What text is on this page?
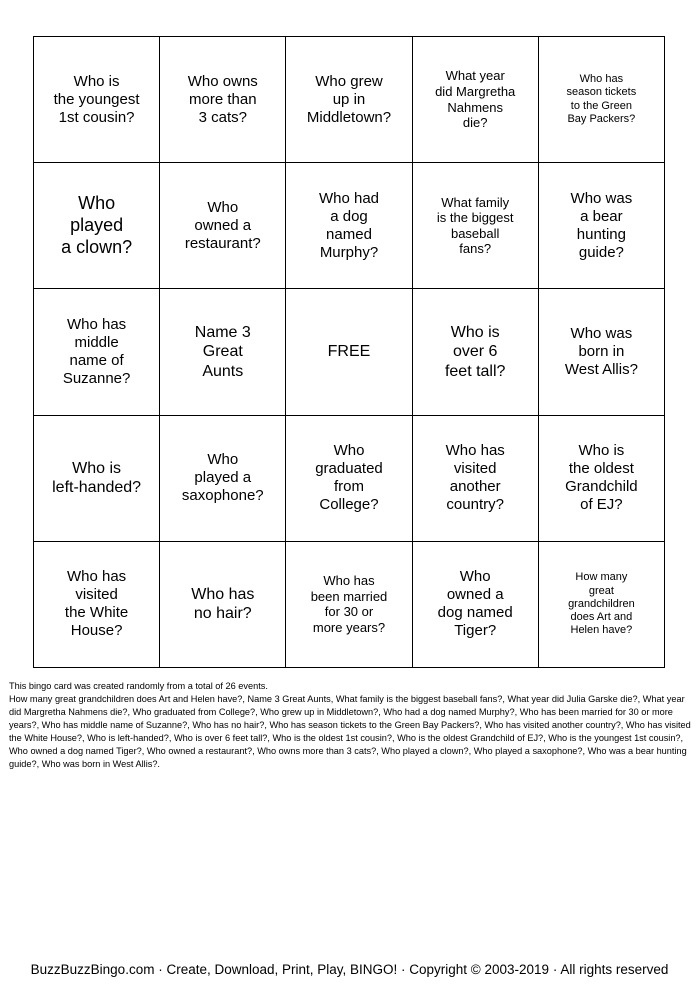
Who is
the youngest
1st cousin?
Who owns
more than
3 cats?
Who grew
up in
Middletown?
What year
did Margretha
Nahmens
die?
Who has
season tickets
to the Green
Bay Packers?
Who
played
a clown?
Who
owned a
restaurant?
Who had
a dog
named
Murphy?
What family
is the biggest
baseball
fans?
Who was
a bear
hunting
guide?
Who has
middle
name of
Suzanne?
Name 3
Great
Aunts
FREE
Who is
over 6
feet tall?
Who was
born in
West Allis?
Who is
left-handed?
Who
played a
saxophone?
Who
graduated
from
College?
Who has
visited
another
country?
Who is
the oldest
Grandchild
of EJ?
Who has
visited
the White
House?
Who has
no hair?
Who has
been married
for 30 or
more years?
Who
owned a
dog named
Tiger?
How many
great
grandchildren
does Art and
Helen have?

This bingo card was created randomly from a total of 26 events.

How many great grandchildren does Art and Helen have?, Name 3 Great Aunts, What family is the biggest baseball fans?, What year did Julia Garske die?, What year did Margretha Nahmens die?, Who graduated from College?, Who grew up in Middletown?, Who had a dog named Murphy?, Who has been married for 30 or more years?, Who has middle name of Suzanne?, Who has no hair?, Who has season tickets to the Green Bay Packers?, Who has visited another country?, Who has visited the White House?, Who is left-handed?, Who is over 6 feet tall?, Who is the oldest 1st cousin?, Who is the oldest Grandchild of EJ?, Who is the youngest 1st cousin?, Who owned a dog named Tiger?, Who owned a restaurant?, Who owns more than 3 cats?, Who played a clown?, Who played a saxophone?, Who was a bear hunting guide?, Who was born in West Allis?.

BuzzBuzzBingo.com · Create, Download, Print, Play, BINGO! · Copyright © 2003-2019 · All rights reserved
